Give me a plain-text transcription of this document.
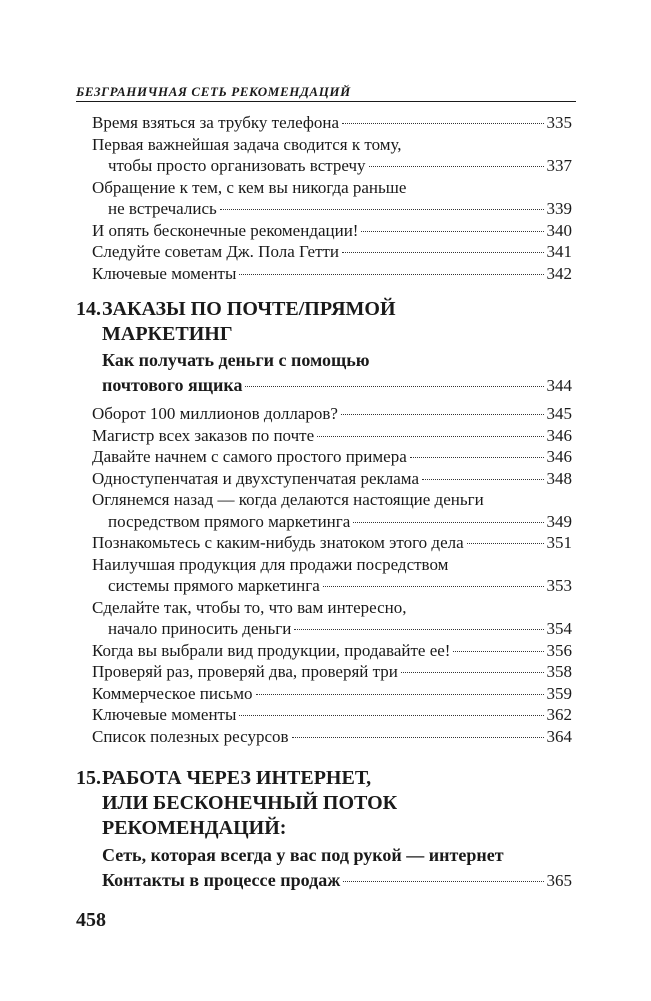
БЕЗГРАНИЧНАЯ СЕТЬ РЕКОМЕНДАЦИЙ
Время взяться за трубку телефона	335
Первая важнейшая задача сводится к тому,
чтобы просто организовать встречу	337
Обращение к тем, с кем вы никогда раньше
не встречались	339
И опять бесконечные рекомендации!	340
Следуйте советам Дж. Пола Гетти	341
Ключевые моменты	342
14.ЗАКАЗЫ ПО ПОЧТЕ/ПРЯМОЙ
МАРКЕТИНГ
Как получать деньги с помощью
почтового ящика	344
Оборот 100 миллионов долларов?	345
Магистр всех заказов по почте	346
Давайте начнем с самого простого примера	346
Одноступенчатая и двухступенчатая реклама	348
Оглянемся назад — когда делаются настоящие деньги
посредством прямого маркетинга	349
Познакомьтесь с каким-нибудь знатоком этого дела	351
Наилучшая продукция для продажи посредством
системы прямого маркетинга	353
Сделайте так, чтобы то, что вам интересно,
начало приносить деньги	354
Когда вы выбрали вид продукции, продавайте ее!	356
Проверяй раз, проверяй два, проверяй три	358
Коммерческое письмо	359
Ключевые моменты	362
Список полезных ресурсов	364
15.РАБОТА ЧЕРЕЗ ИНТЕРНЕТ,
ИЛИ БЕСКОНЕЧНЫЙ ПОТОК
РЕКОМЕНДАЦИЙ:
Сеть, которая всегда у вас под рукой — интернет
Контакты в процессе продаж	365
458
